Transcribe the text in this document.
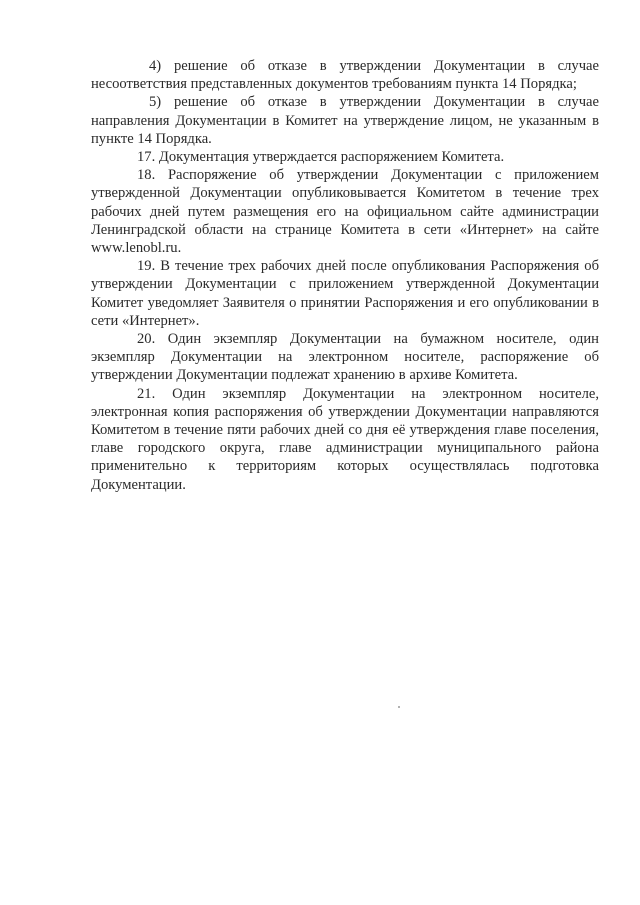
4) решение об отказе в утверждении Документации в случае несоответствия представленных документов требованиям пункта 14 Порядка;

5) решение об отказе в утверждении Документации в случае направления Документации в Комитет на утверждение лицом, не указанным в пункте 14 Порядка.

17. Документация утверждается распоряжением Комитета.

18. Распоряжение об утверждении Документации с приложением утвержденной Документации опубликовывается Комитетом в течение трех рабочих дней путем размещения его на официальном сайте администрации Ленинградской области на странице Комитета в сети «Интернет» на сайте www.lenobl.ru.

19. В течение трех рабочих дней после опубликования Распоряжения об утверждении Документации с приложением утвержденной Документации Комитет уведомляет Заявителя о принятии Распоряжения и его опубликовании в сети «Интернет».

20. Один экземпляр Документации на бумажном носителе, один экземпляр Документации на электронном носителе, распоряжение об утверждении Документации подлежат хранению в архиве Комитета.

21. Один экземпляр Документации на электронном носителе, электронная копия распоряжения об утверждении Документации направляются Комитетом в течение пяти рабочих дней со дня её утверждения главе поселения, главе городского округа, главе администрации муниципального района применительно к территориям которых осуществлялась подготовка Документации.
